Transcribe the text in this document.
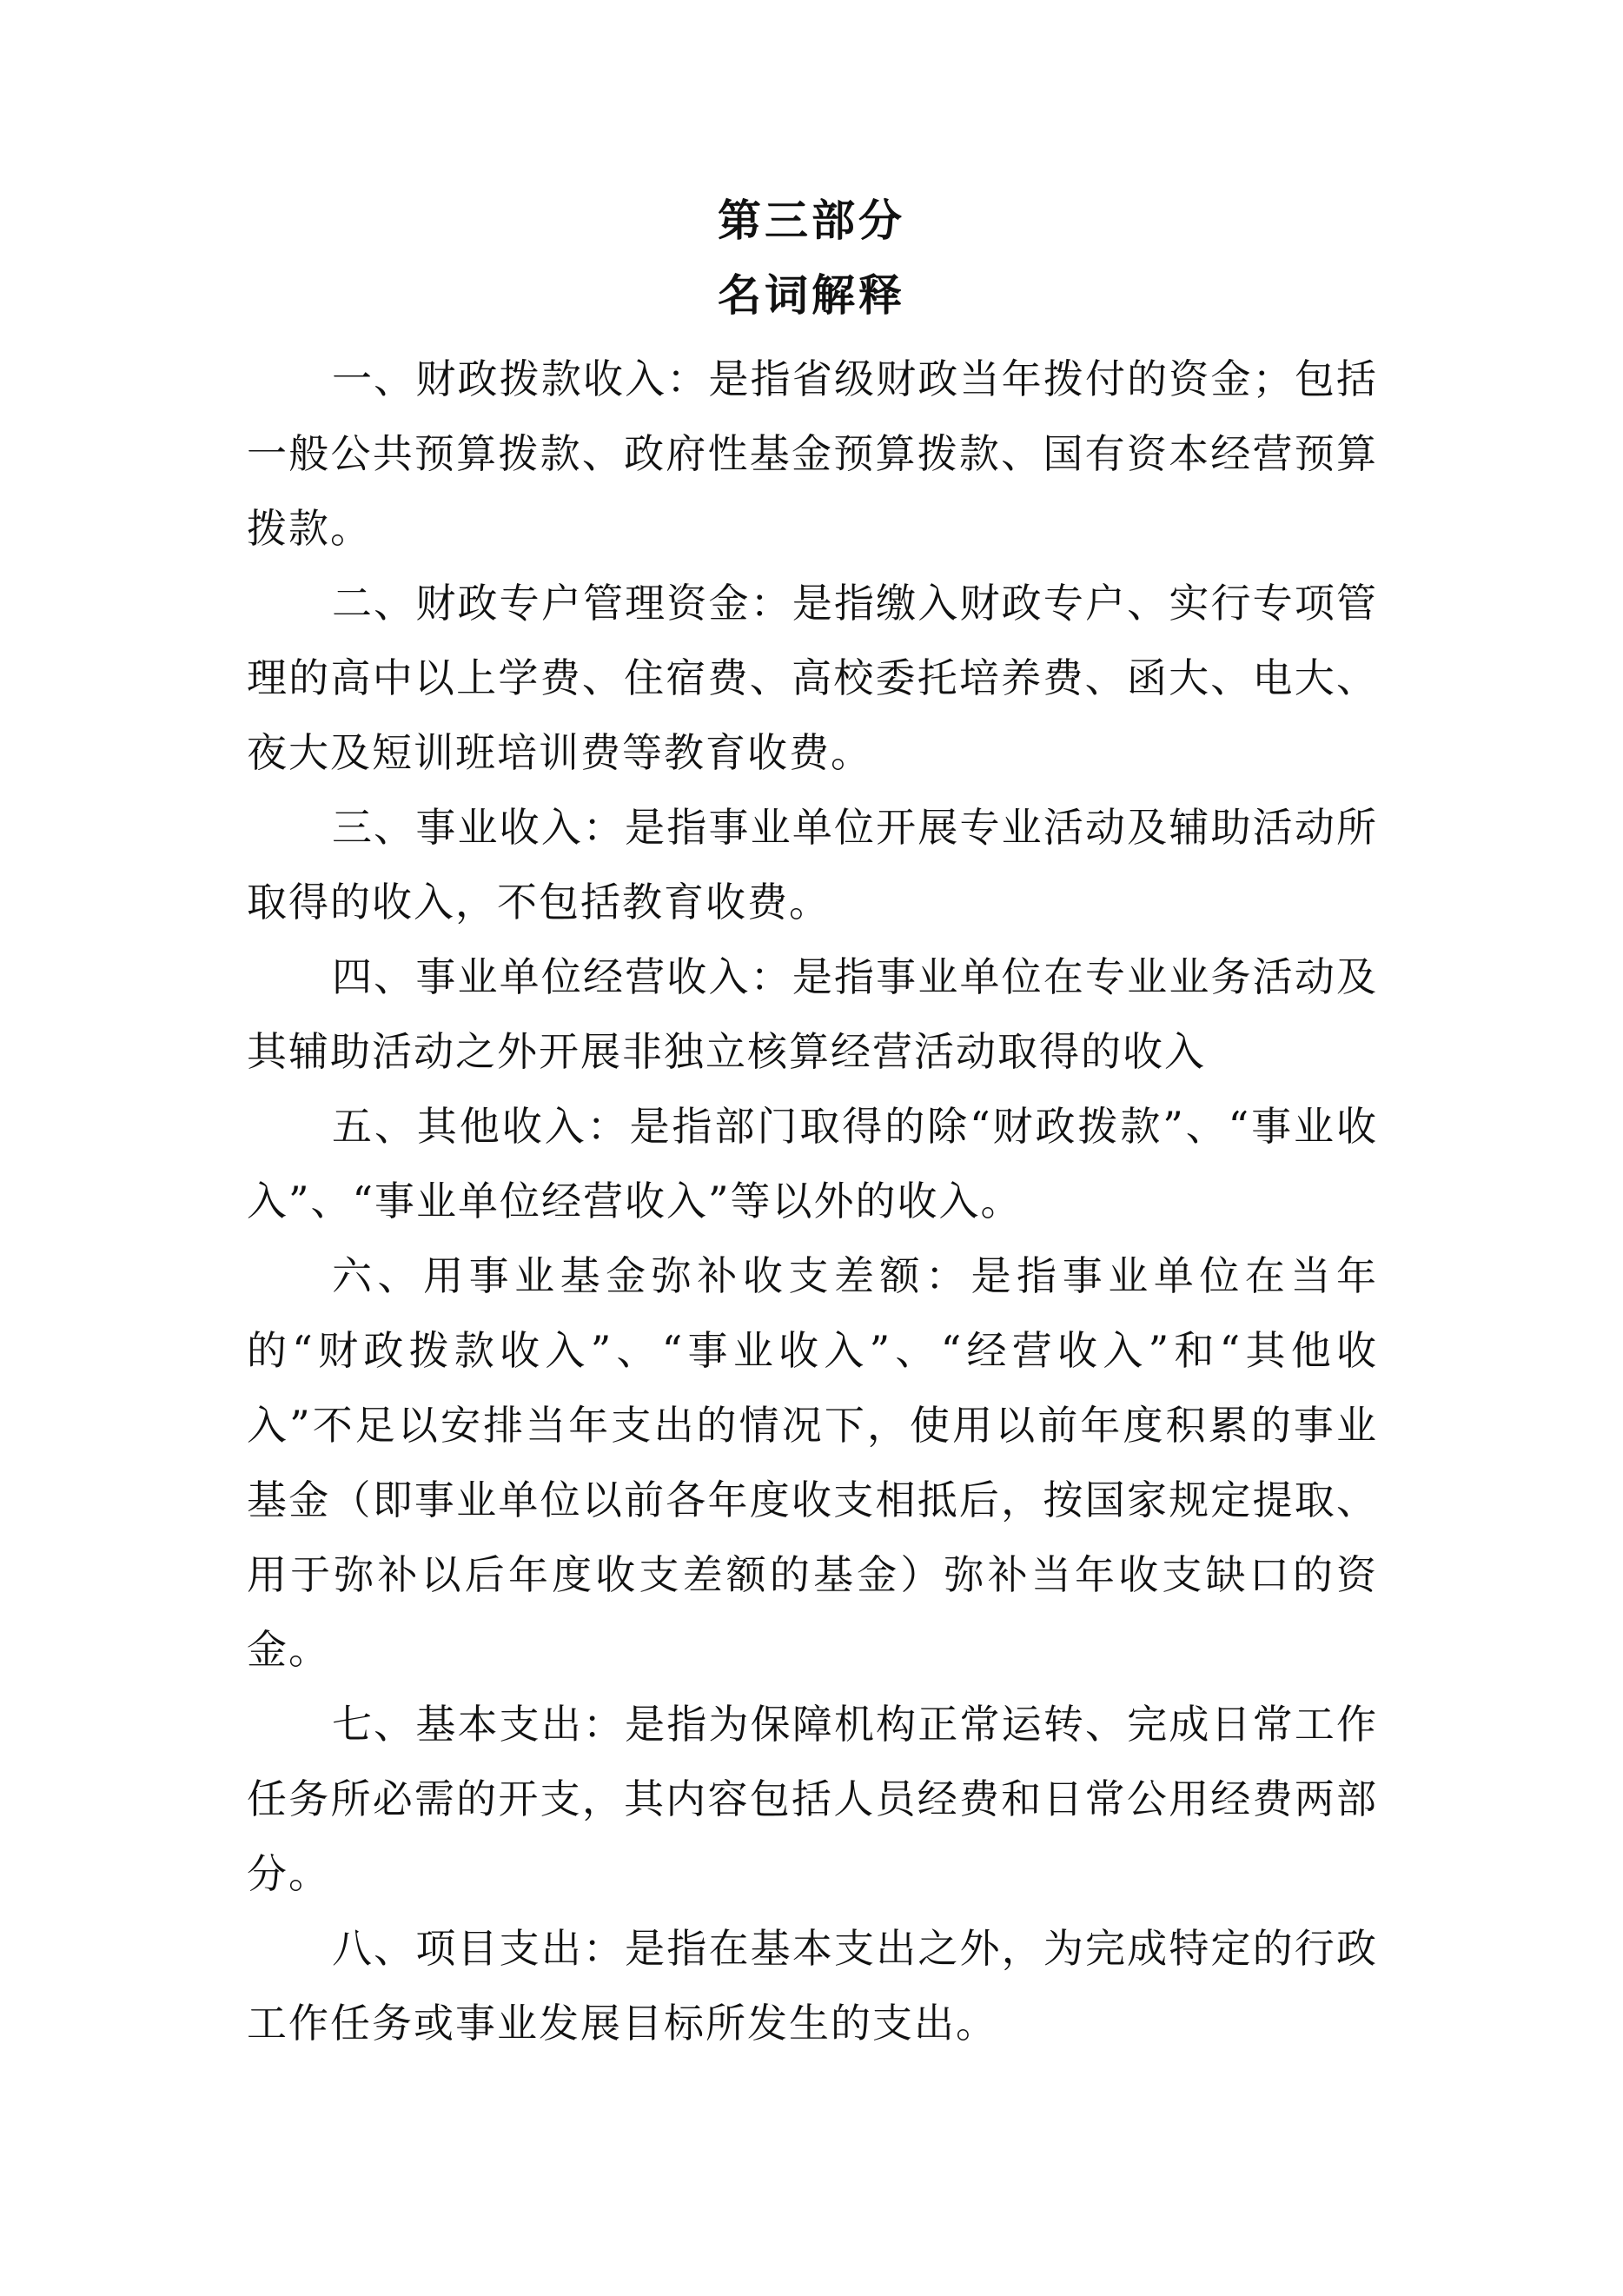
第三部分
名词解释

一、财政拨款收入：是指省级财政当年拨付的资金；包括一般公共预算拨款、政府性基金预算拨款、国有资本经营预算拨款。

二、财政专户管理资金：是指缴入财政专户、实行专项管理的高中以上学费、住宿费、高校委托培养费、函大、电大、夜大及短训班培训费等教育收费。

三、事业收入：是指事业单位开展专业活动及辅助活动所取得的收入，不包括教育收费。

四、事业单位经营收入：是指事业单位在专业业务活动及其辅助活动之外开展非独立核算经营活动取得的收入

五、其他收入：是指部门取得的除“财政拨款”、“事业收入”、“事业单位经营收入”等以外的收入。

六、用事业基金弥补收支差额：是指事业单位在当年的“财政拨款收入”、“事业收入”、“经营收入”和“其他收入”不足以安排当年支出的情况下，使用以前年度积累的事业基金（即事业单位以前各年度收支相抵后，按国家规定提取、用于弥补以后年度收支差额的基金）弥补当年收支缺口的资金。

七、基本支出：是指为保障机构正常运转、完成日常工作任务所必需的开支，其内容包括人员经费和日常公用经费两部分。

八、项目支出：是指在基本支出之外，为完成特定的行政工作任务或事业发展目标所发生的支出。
